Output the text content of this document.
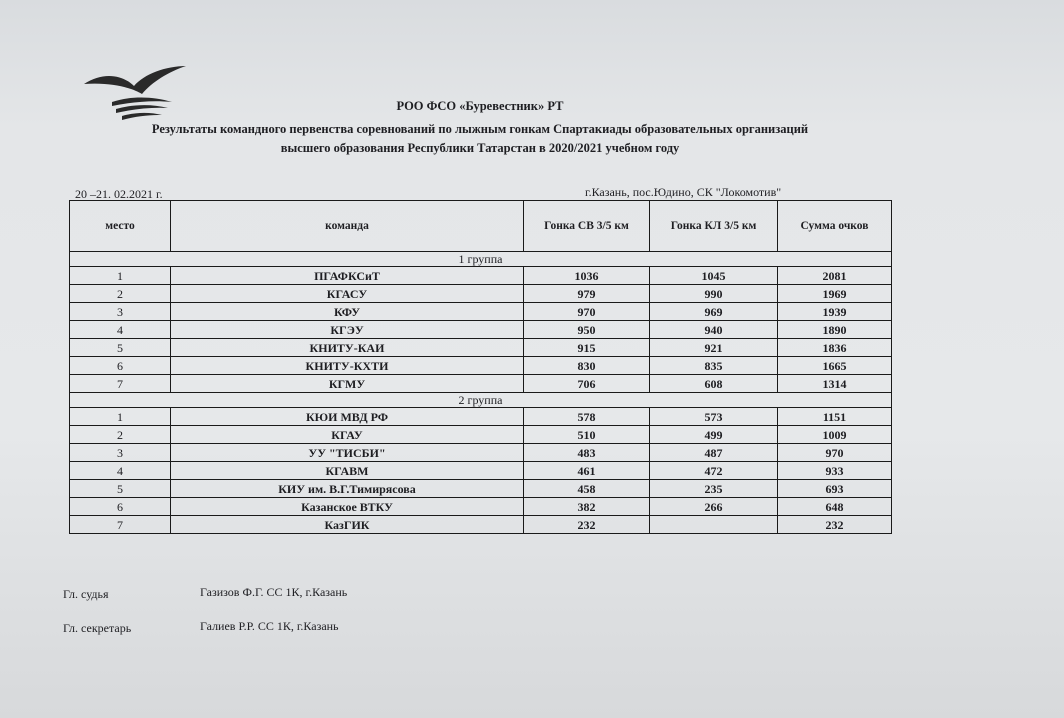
РОО ФСО «Буревестник» РТ
Результаты командного первенства соревнований по лыжным гонкам Спартакиады образовательных организаций
высшего образования Республики Татарстан в 2020/2021 учебном году
20 –21. 02.2021 г.	г.Казань, пос.Юдино, СК "Локомотив"
место	команда	Гонка СВ 3/5 км	Гонка КЛ 3/5 км	Сумма очков
1 группа				
1	ПГАФКСиТ	1036	1045	2081
2	КГАСУ	979	990	1969
3	КФУ	970	969	1939
4	КГЭУ	950	940	1890
5	КНИТУ-КАИ	915	921	1836
6	КНИТУ-КХТИ	830	835	1665
7	КГМУ	706	608	1314
2 группа				
1	КЮИ МВД РФ	578	573	1151
2	КГАУ	510	499	1009
3	УУ "ТИСБИ"	483	487	970
4	КГАВМ	461	472	933
5	КИУ им. В.Г.Тимирясова	458	235	693
6	Казанское ВТКУ	382	266	648
7	КазГИК	232		232
Гл. судья	Газизов Ф.Г. СС 1К, г.Казань
Гл. секретарь	Галиев Р.Р. СС 1К, г.Казань
